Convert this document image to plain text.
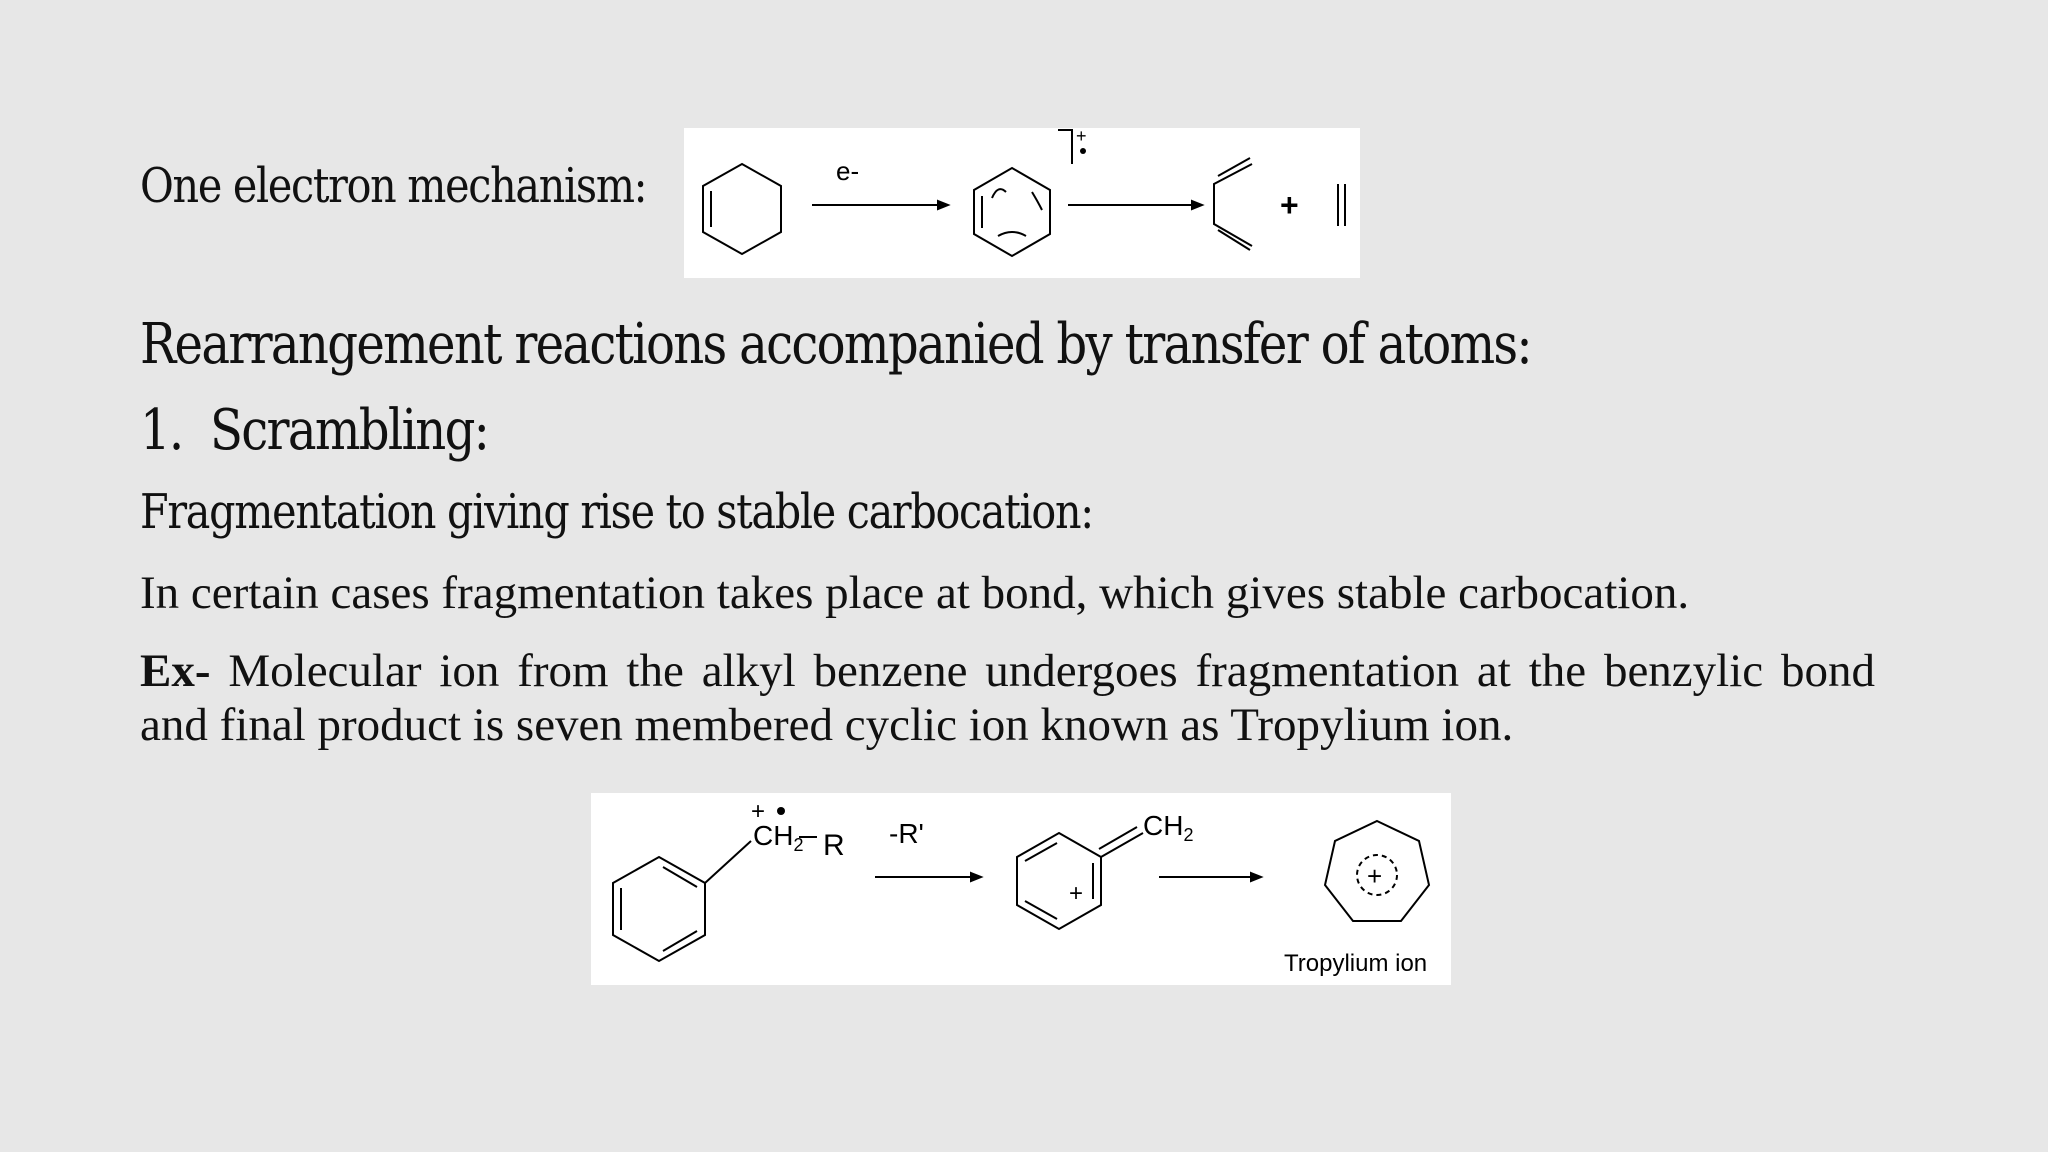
One electron mechanism:	e-
+
+
Rearrangement reactions accompanied by transfer of atoms:
1. Scrambling:
Fragmentation giving rise to stable carbocation:
In certain cases fragmentation takes place at bond, which gives stable carbocation.
Ex- Molecular ion from the alkyl benzene undergoes fragmentation at the benzylic bond and final product is seven membered cyclic ion known as Tropylium ion.
+
$CH_2$ R -R'	$CH_2$
+
+
Tropylium ion
